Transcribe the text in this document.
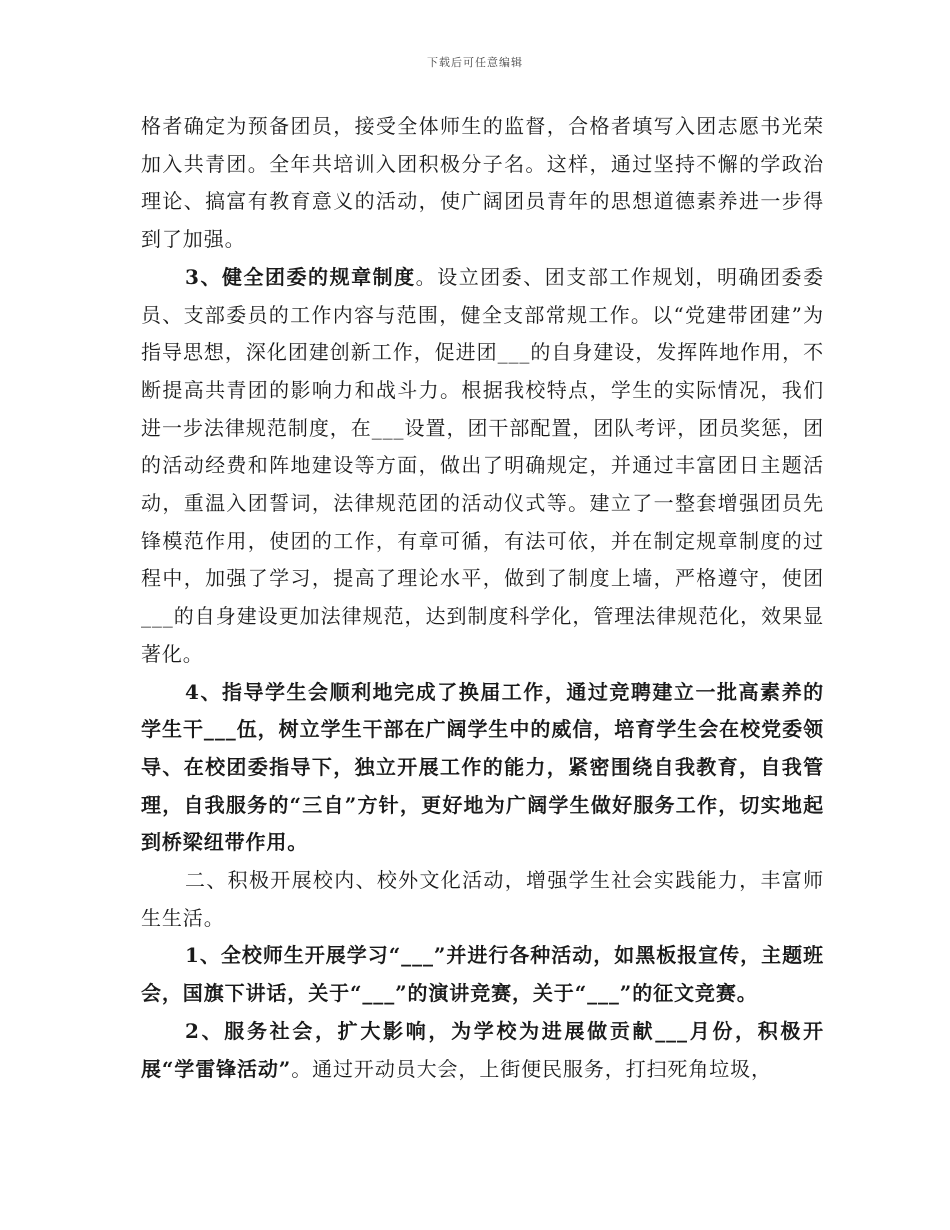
下载后可任意编辑

格者确定为预备团员，接受全体师生的监督，合格者填写入团志愿书光荣加入共青团。全年共培训入团积极分子名。这样，通过坚持不懈的学政治理论、搞富有教育意义的活动，使广阔团员青年的思想道德素养进一步得到了加强。

3、健全团委的规章制度。设立团委、团支部工作规划，明确团委委员、支部委员的工作内容与范围，健全支部常规工作。以“党建带团建”为指导思想，深化团建创新工作，促进团___的自身建设，发挥阵地作用，不断提高共青团的影响力和战斗力。根据我校特点，学生的实际情况，我们进一步法律规范制度，在___设置，团干部配置，团队考评，团员奖惩，团的活动经费和阵地建设等方面，做出了明确规定，并通过丰富团日主题活动，重温入团誓词，法律规范团的活动仪式等。建立了一整套增强团员先锋模范作用，使团的工作，有章可循，有法可依，并在制定规章制度的过程中，加强了学习，提高了理论水平，做到了制度上墙，严格遵守，使团___的自身建设更加法律规范，达到制度科学化，管理法律规范化，效果显著化。

4、指导学生会顺利地完成了换届工作，通过竞聘建立一批高素养的学生干___伍，树立学生干部在广阔学生中的威信，培育学生会在校党委领导、在校团委指导下，独立开展工作的能力，紧密围绕自我教育，自我管理，自我服务的“三自”方针，更好地为广阔学生做好服务工作，切实地起到桥梁纽带作用。

二、积极开展校内、校外文化活动，增强学生社会实践能力，丰富师生生活。

1、全校师生开展学习“___”并进行各种活动，如黑板报宣传，主题班会，国旗下讲话，关于“___”的演讲竞赛，关于“___”的征文竞赛。

2、服务社会，扩大影响，为学校为进展做贡献___月份，积极开展“学雷锋活动”。通过开动员大会，上街便民服务，打扫死角垃圾，
